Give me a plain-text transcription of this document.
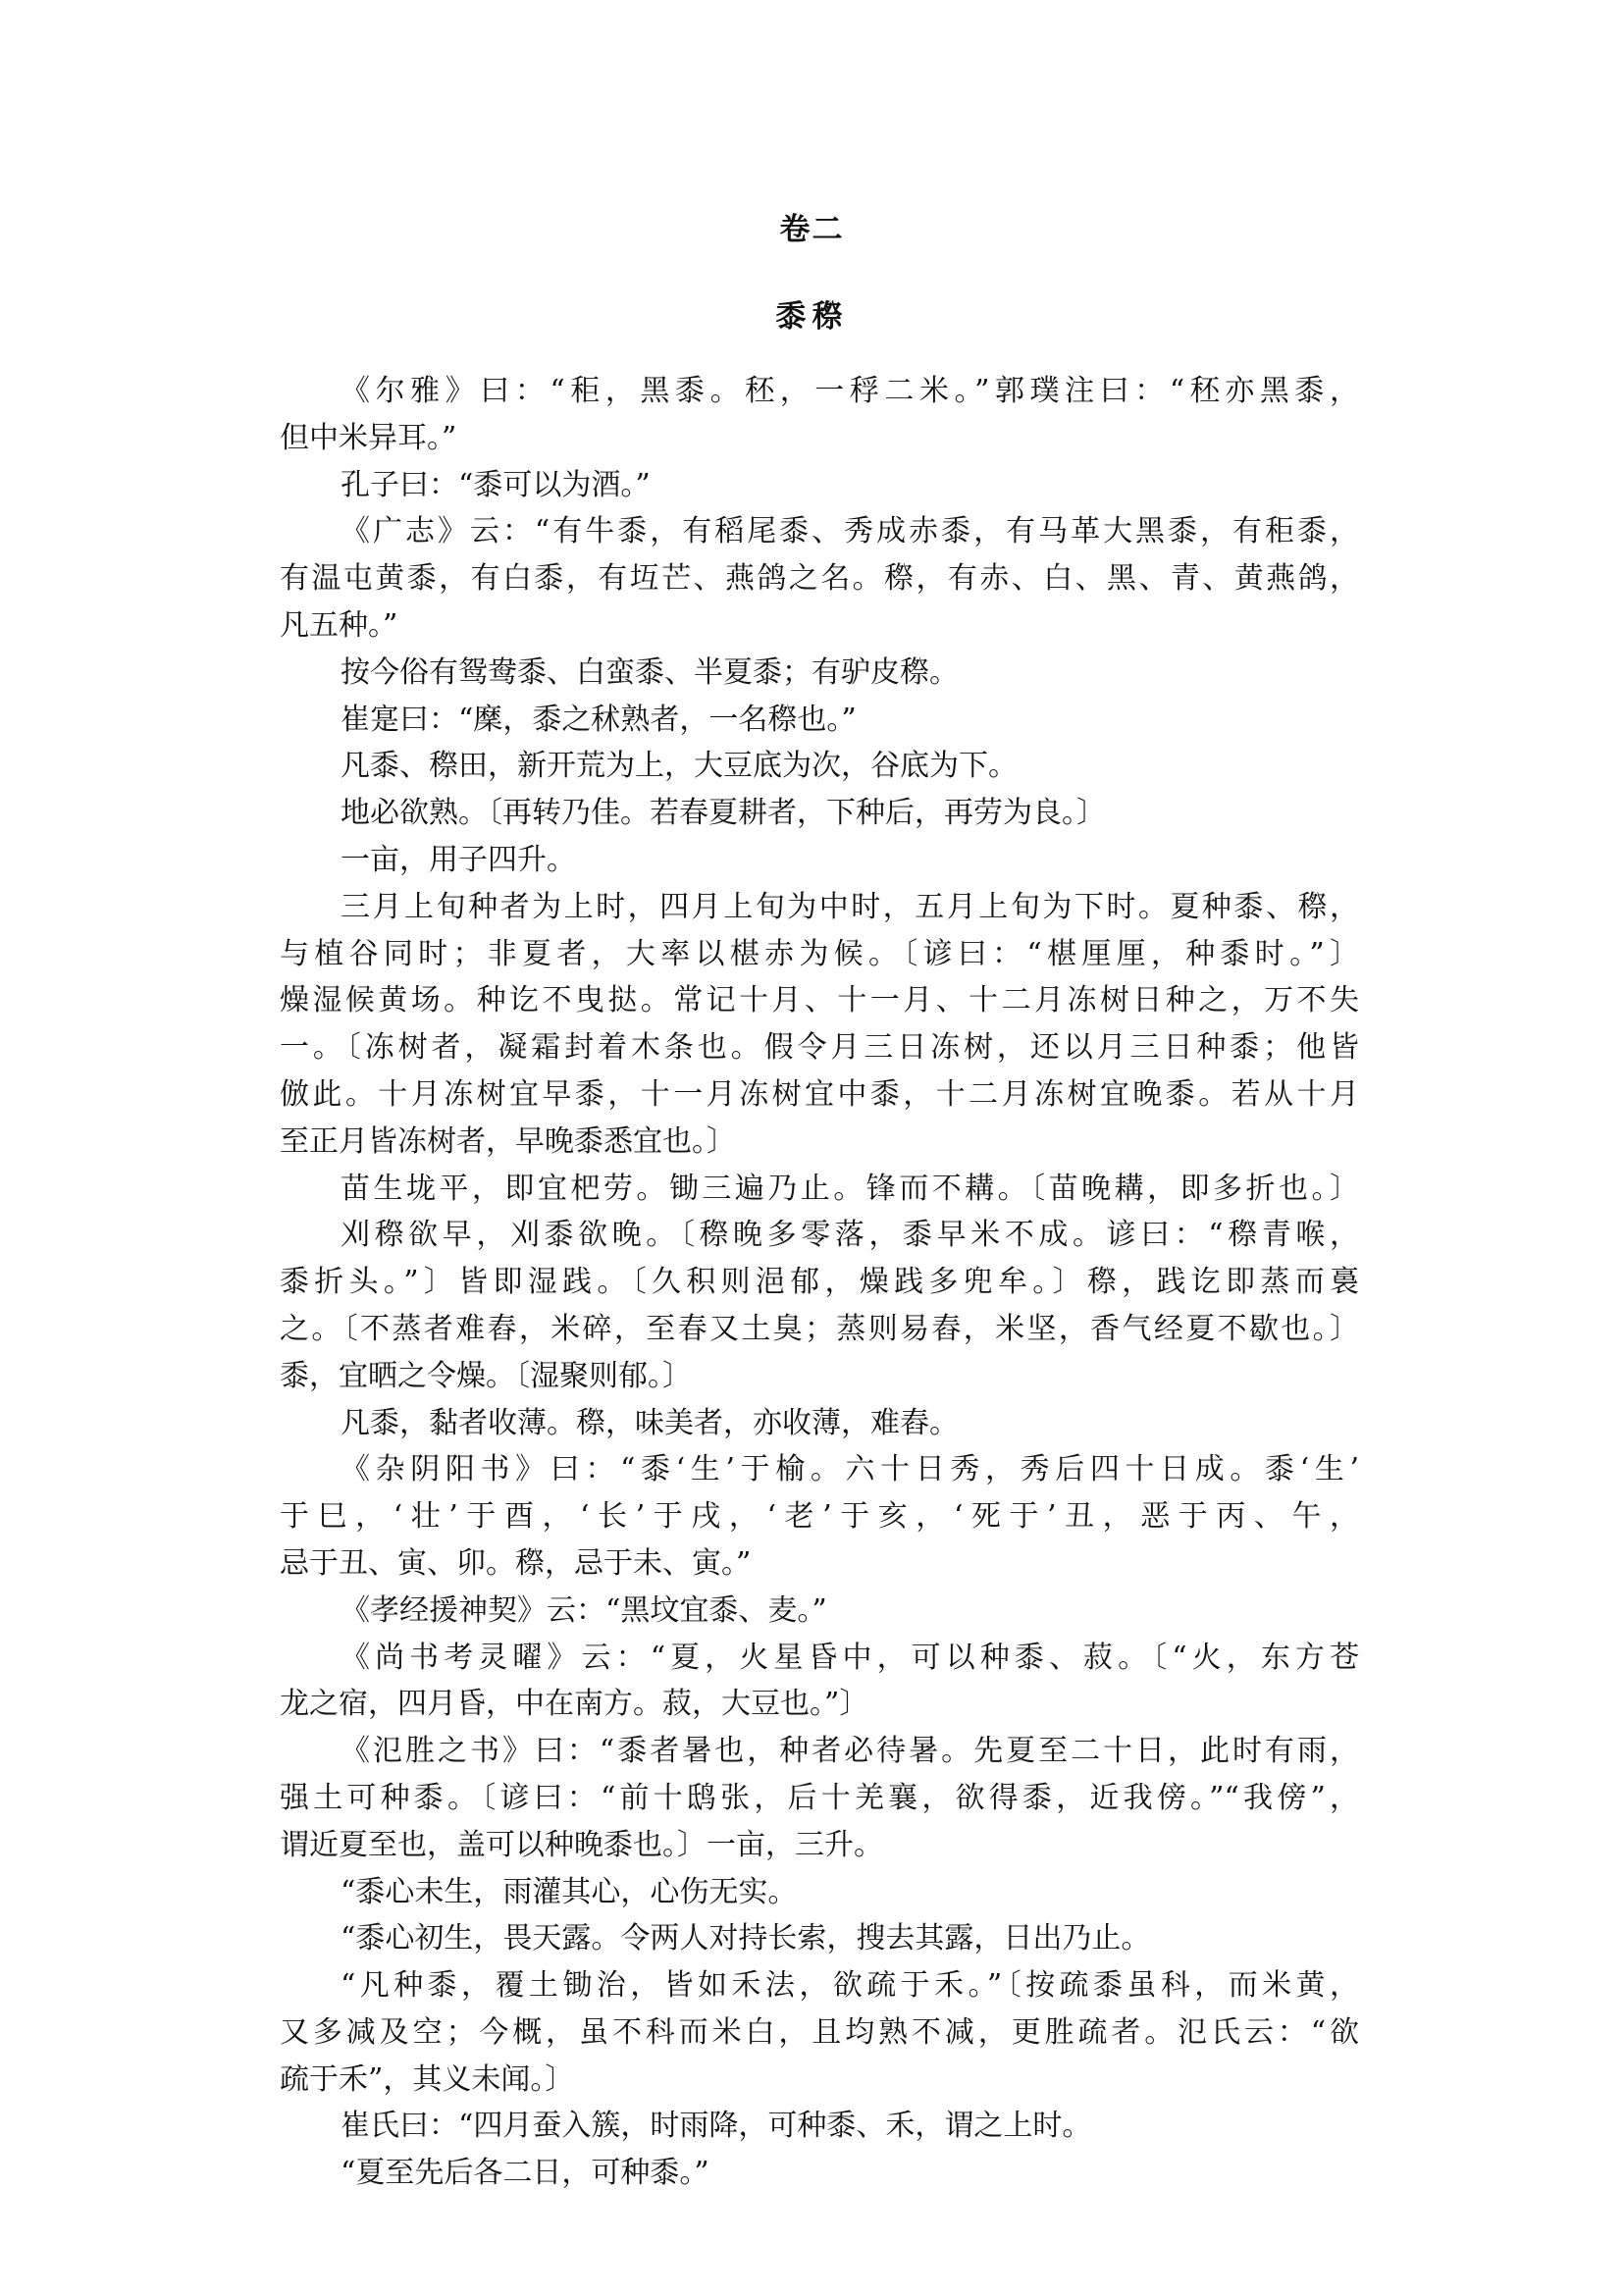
卷二
黍穄
《尔雅》曰：“秬，黑黍。秠，一稃二米。”郭璞注曰：“秠亦黑黍，
但中米异耳。”
孔子曰：“黍可以为酒。”
《广志》云：“有牛黍，有稻尾黍、秀成赤黍，有马革大黑黍，有秬黍，
有温屯黄黍，有白黍，有坘芒、燕鸽之名。穄，有赤、白、黑、青、黄燕鸽，
凡五种。”
按今俗有鸳鸯黍、白蛮黍、半夏黍；有驴皮穄。
崔寔曰：“穈，黍之秫熟者，一名穄也。”
凡黍、穄田，新开荒为上，大豆底为次，谷底为下。
地必欲熟。〔再转乃佳。若春夏耕者，下种后，再劳为良。〕
一亩，用子四升。
三月上旬种者为上时，四月上旬为中时，五月上旬为下时。夏种黍、穄，
与植谷同时；非夏者，大率以椹赤为候。〔谚曰：“椹厘厘，种黍时。”〕
燥湿候黄场。种讫不曳挞。常记十月、十一月、十二月冻树日种之，万不失
一。〔冻树者，凝霜封着木条也。假令月三日冻树，还以月三日种黍；他皆
倣此。十月冻树宜早黍，十一月冻树宜中黍，十二月冻树宜晚黍。若从十月
至正月皆冻树者，早晚黍悉宜也。〕
苗生垅平，即宜杷劳。锄三遍乃止。锋而不耩。〔苗晚耩，即多折也。〕
刈穄欲早，刈黍欲晚。〔穄晚多零落，黍早米不成。谚曰：“穄青喉，
黍折头。”〕皆即湿践。〔久积则浥郁，燥践多兜牟。〕穄，践讫即蒸而裛
之。〔不蒸者难舂，米碎，至春又土臭；蒸则易舂，米坚，香气经夏不歇也。〕
黍，宜晒之令燥。〔湿聚则郁。〕
凡黍，黏者收薄。穄，味美者，亦收薄，难舂。
《杂阴阳书》曰：“黍‘生’于榆。六十日秀，秀后四十日成。黍‘生’
于巳，‘壮’于酉，‘长’于戌，‘老’于亥，‘死于’丑，恶于丙、午，
忌于丑、寅、卯。穄，忌于未、寅。”
《孝经援神契》云：“黑坟宜黍、麦。”
《尚书考灵曜》云：“夏，火星昏中，可以种黍、菽。〔“火，东方苍
龙之宿，四月昏，中在南方。菽，大豆也。”〕
《氾胜之书》曰：“黍者暑也，种者必待暑。先夏至二十日，此时有雨，
强土可种黍。〔谚曰：“前十鸱张，后十羌襄，欲得黍，近我傍。”“我傍”，
谓近夏至也，盖可以种晚黍也。〕一亩，三升。
“黍心未生，雨灌其心，心伤无实。
“黍心初生，畏天露。令两人对持长索，搜去其露，日出乃止。
“凡种黍，覆土锄治，皆如禾法，欲疏于禾。”〔按疏黍虽科，而米黄，
又多减及空；今概，虽不科而米白，且均熟不减，更胜疏者。氾氏云：“欲
疏于禾”，其义未闻。〕
崔氏曰：“四月蚕入簇，时雨降，可种黍、禾，谓之上时。
“夏至先后各二日，可种黍。”
